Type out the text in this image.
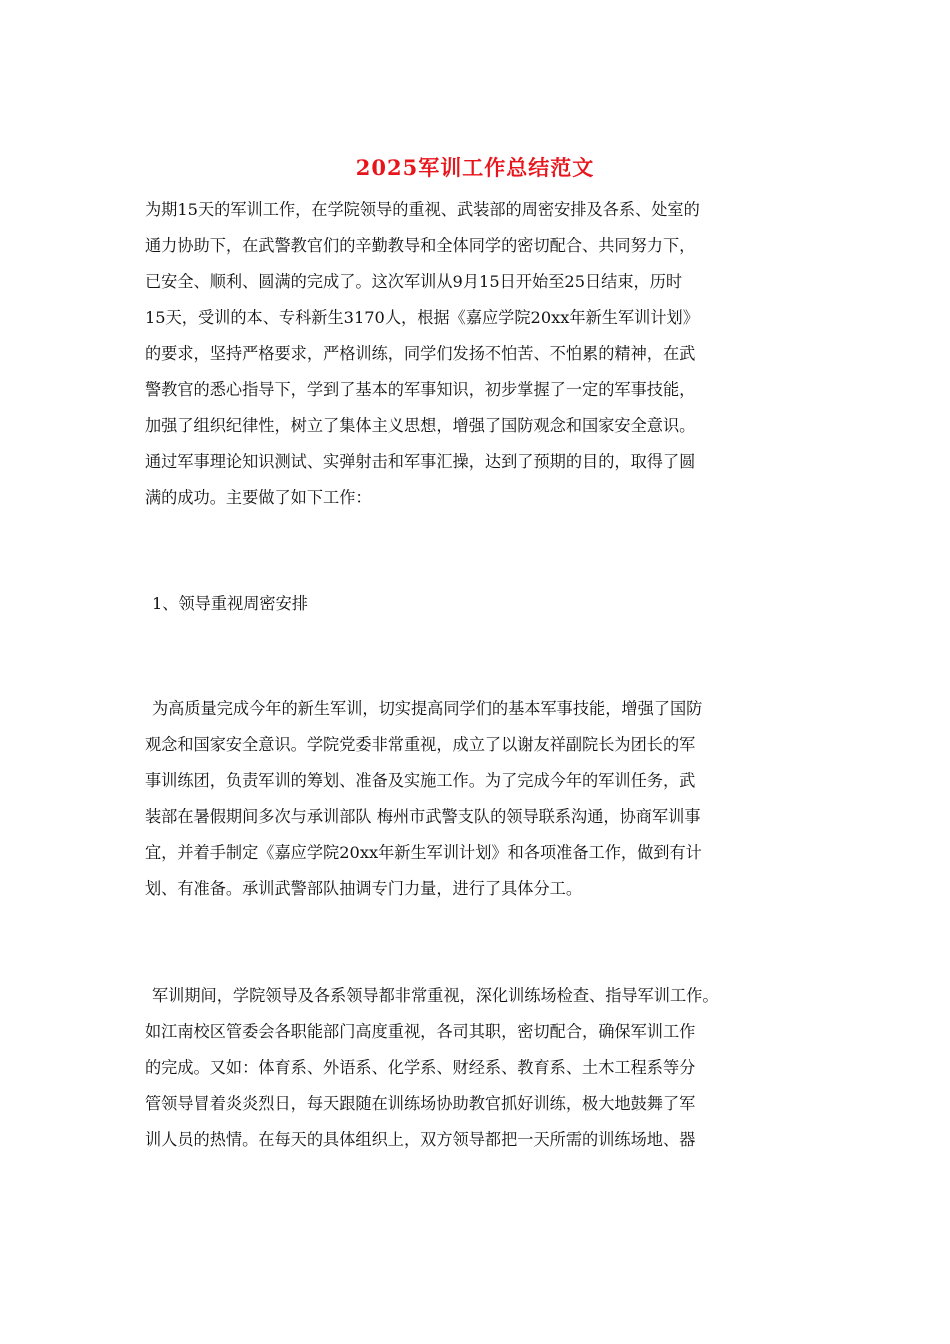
2025军训工作总结范文
为期15天的军训工作，在学院领导的重视、武装部的周密安排及各系、处室的
通力协助下，在武警教官们的辛勤教导和全体同学的密切配合、共同努力下，
已安全、顺利、圆满的完成了。这次军训从9月15日开始至25日结束，历时
15天，受训的本、专科新生3170人，根据《嘉应学院20xx年新生军训计划》
的要求，坚持严格要求，严格训练，同学们发扬不怕苦、不怕累的精神，在武
警教官的悉心指导下，学到了基本的军事知识，初步掌握了一定的军事技能，
加强了组织纪律性，树立了集体主义思想，增强了国防观念和国家安全意识。
通过军事理论知识测试、实弹射击和军事汇操，达到了预期的目的，取得了圆
满的成功。主要做了如下工作：
1、领导重视周密安排
为高质量完成今年的新生军训，切实提高同学们的基本军事技能，增强了国防
观念和国家安全意识。学院党委非常重视，成立了以谢友祥副院长为团长的军
事训练团，负责军训的筹划、准备及实施工作。为了完成今年的军训任务，武
装部在暑假期间多次与承训部队 梅州市武警支队的领导联系沟通，协商军训事
宜，并着手制定《嘉应学院20xx年新生军训计划》和各项准备工作，做到有计
划、有准备。承训武警部队抽调专门力量，进行了具体分工。
军训期间，学院领导及各系领导都非常重视，深化训练场检查、指导军训工作。
如江南校区管委会各职能部门高度重视，各司其职，密切配合，确保军训工作
的完成。又如：体育系、外语系、化学系、财经系、教育系、土木工程系等分
管领导冒着炎炎烈日，每天跟随在训练场协助教官抓好训练，极大地鼓舞了军
训人员的热情。在每天的具体组织上，双方领导都把一天所需的训练场地、器
